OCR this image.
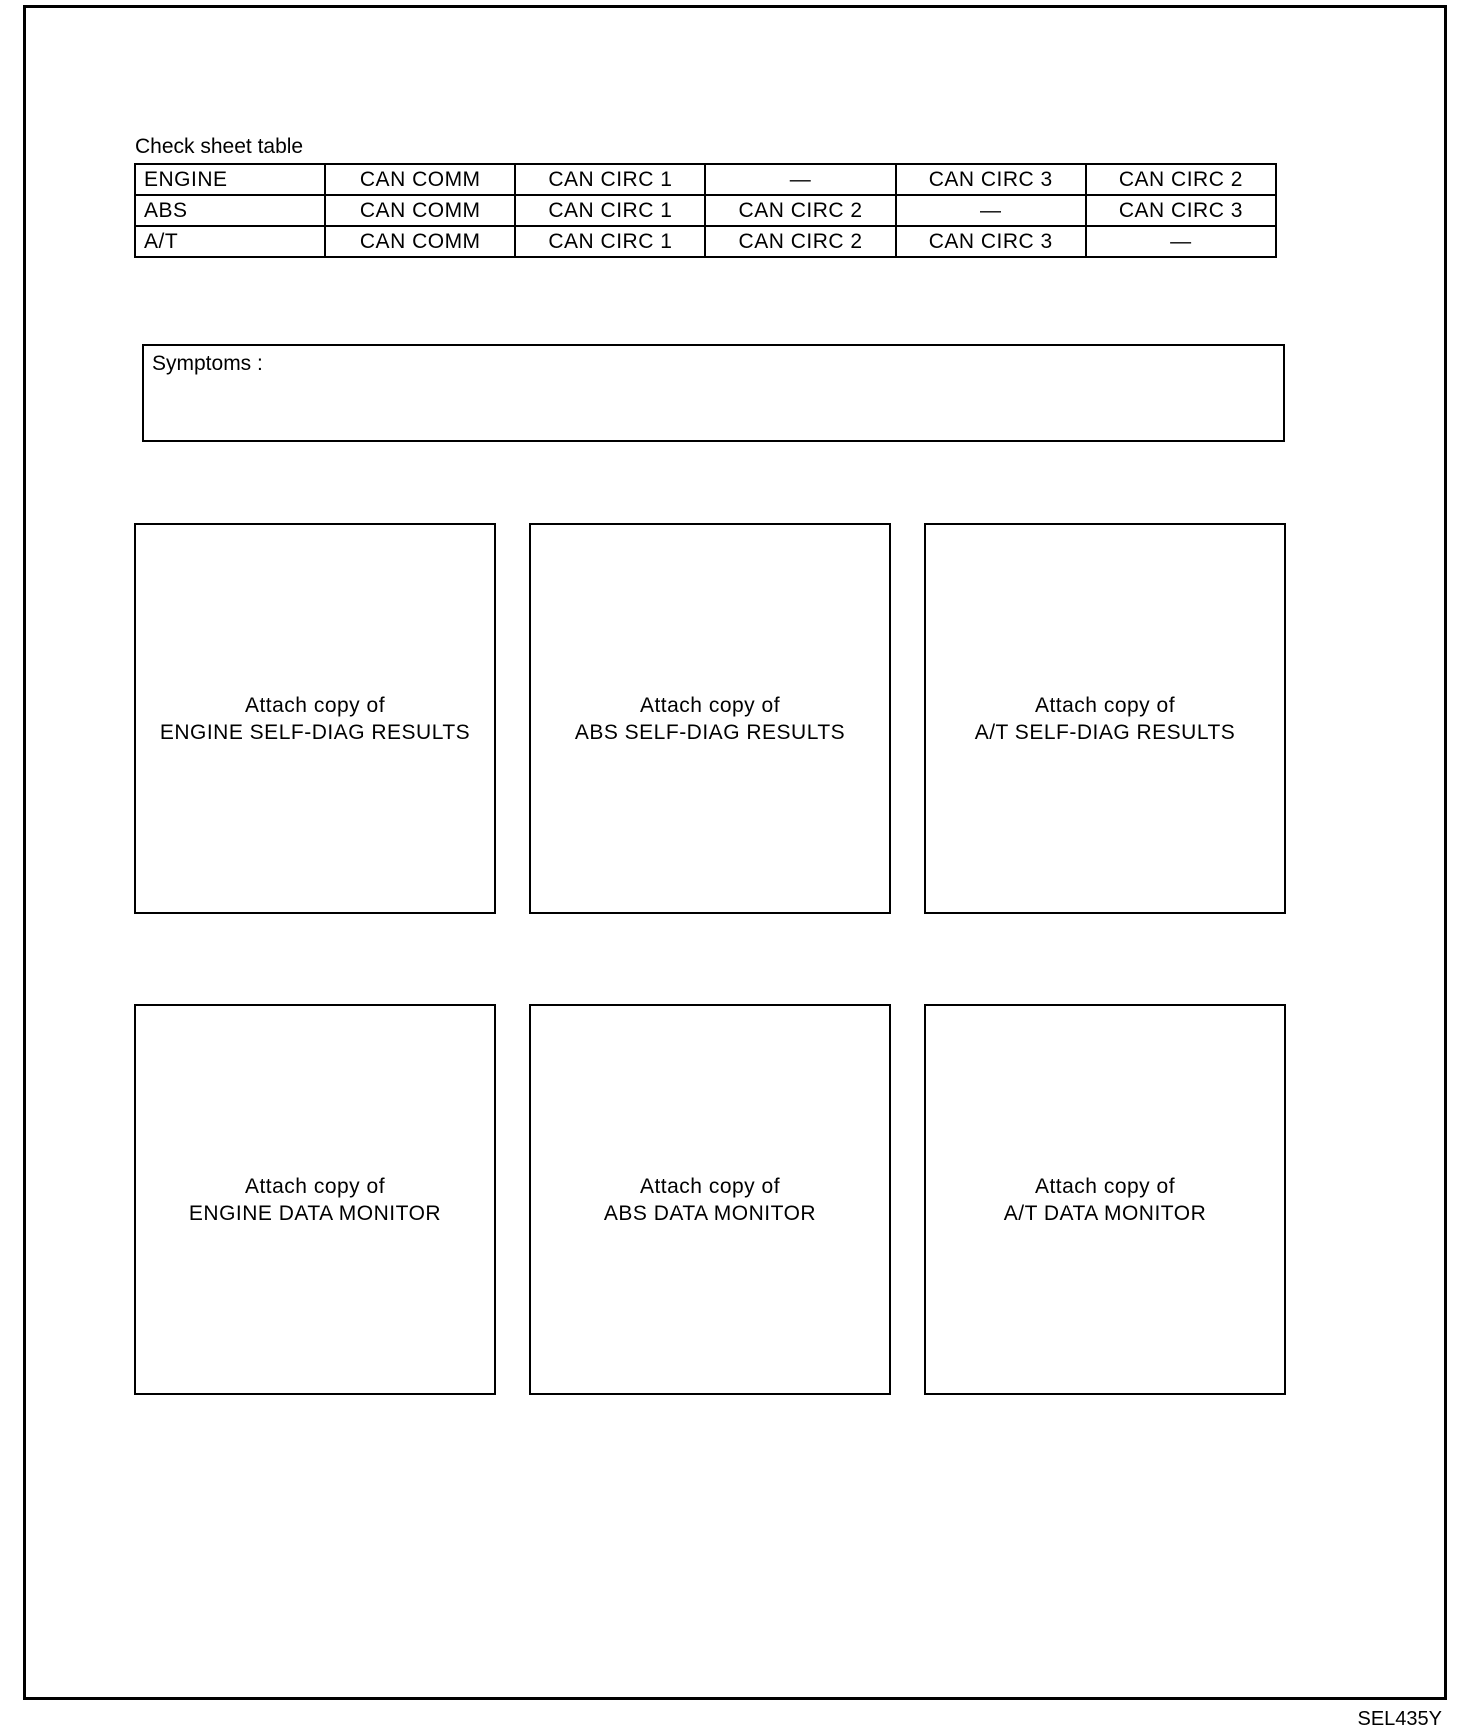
Check sheet table
ENGINE	CAN COMM	CAN CIRC 1	—	CAN CIRC 3	CAN CIRC 2
ABS	CAN COMM	CAN CIRC 1	CAN CIRC 2	—	CAN CIRC 3
A/T	CAN COMM	CAN CIRC 1	CAN CIRC 2	CAN CIRC 3	—
Symptoms :
Attach copy of
ENGINE SELF-DIAG RESULTS
Attach copy of
ABS SELF-DIAG RESULTS
Attach copy of
A/T SELF-DIAG RESULTS
Attach copy of
ENGINE DATA MONITOR
Attach copy of
ABS DATA MONITOR
Attach copy of
A/T DATA MONITOR
SEL435Y
